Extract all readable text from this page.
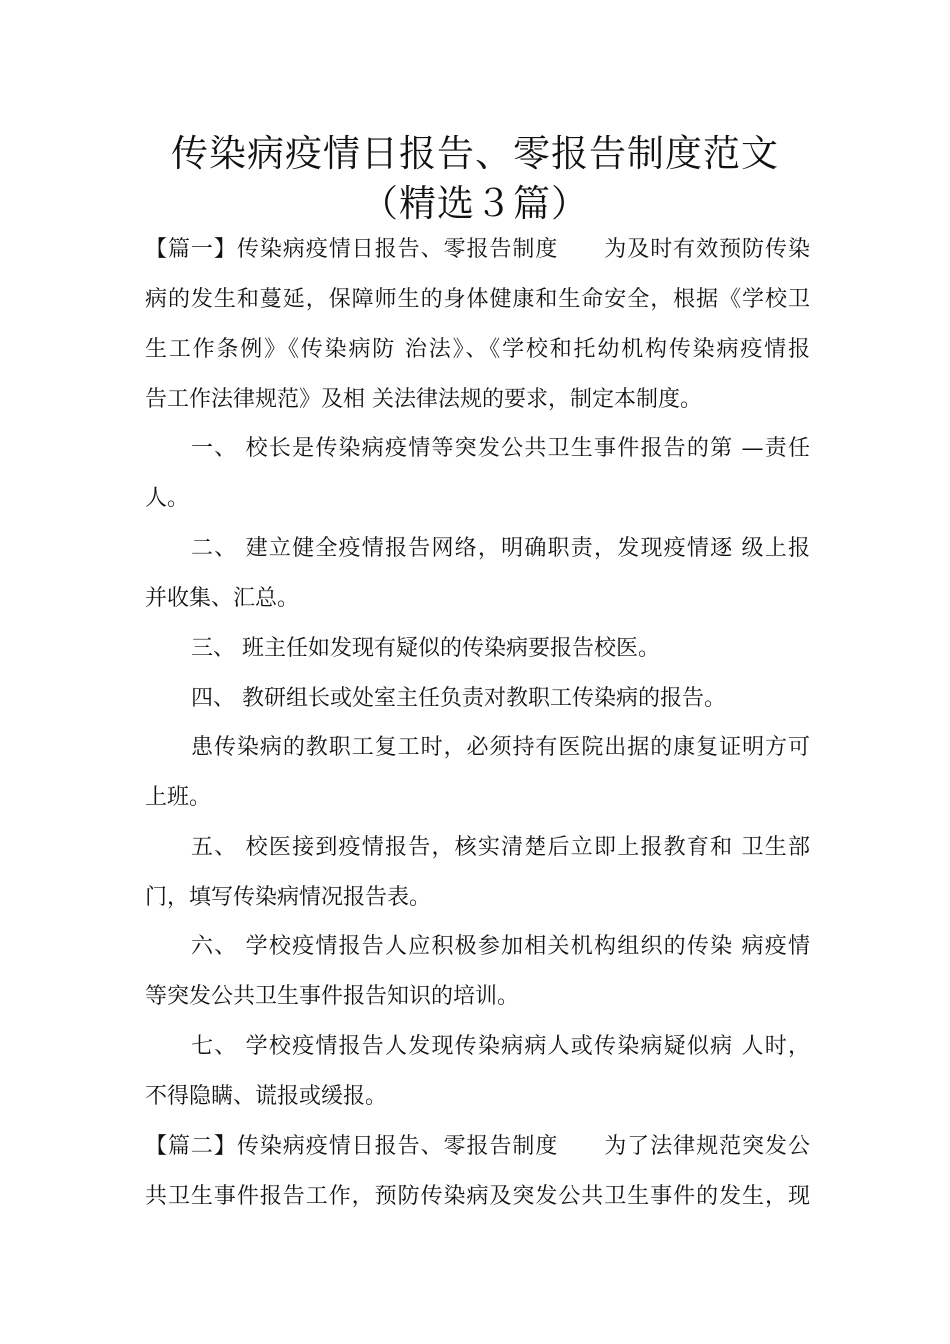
传染病疫情日报告、零报告制度范文
（精选３篇）
【篇一】传染病疫情日报告、零报告制度　　为及时有效预防传染
病的发生和蔓延，保障师生的身体健康和生命安全，根据《学校卫
生工作条例》《传染病防 治法》、《学校和托幼机构传染病疫情报
告工作法律规范》及相 关法律法规的要求，制定本制度。
一、 校长是传染病疫情等突发公共卫生事件报告的第 —责任
人。
二、 建立健全疫情报告网络，明确职责，发现疫情逐 级上报
并收集、汇总。
三、 班主任如发现有疑似的传染病要报告校医。
四、 教研组长或处室主任负责对教职工传染病的报告。
患传染病的教职工复工时，必须持有医院出据的康复证明方可
上班。
五、 校医接到疫情报告，核实清楚后立即上报教育和 卫生部
门，填写传染病情况报告表。
六、 学校疫情报告人应积极参加相关机构组织的传染 病疫情
等突发公共卫生事件报告知识的培训。
七、 学校疫情报告人发现传染病病人或传染病疑似病 人时，
不得隐瞒、谎报或缓报。
【篇二】传染病疫情日报告、零报告制度　　为了法律规范突发公
共卫生事件报告工作，预防传染病及突发公共卫生事件的发生，现
